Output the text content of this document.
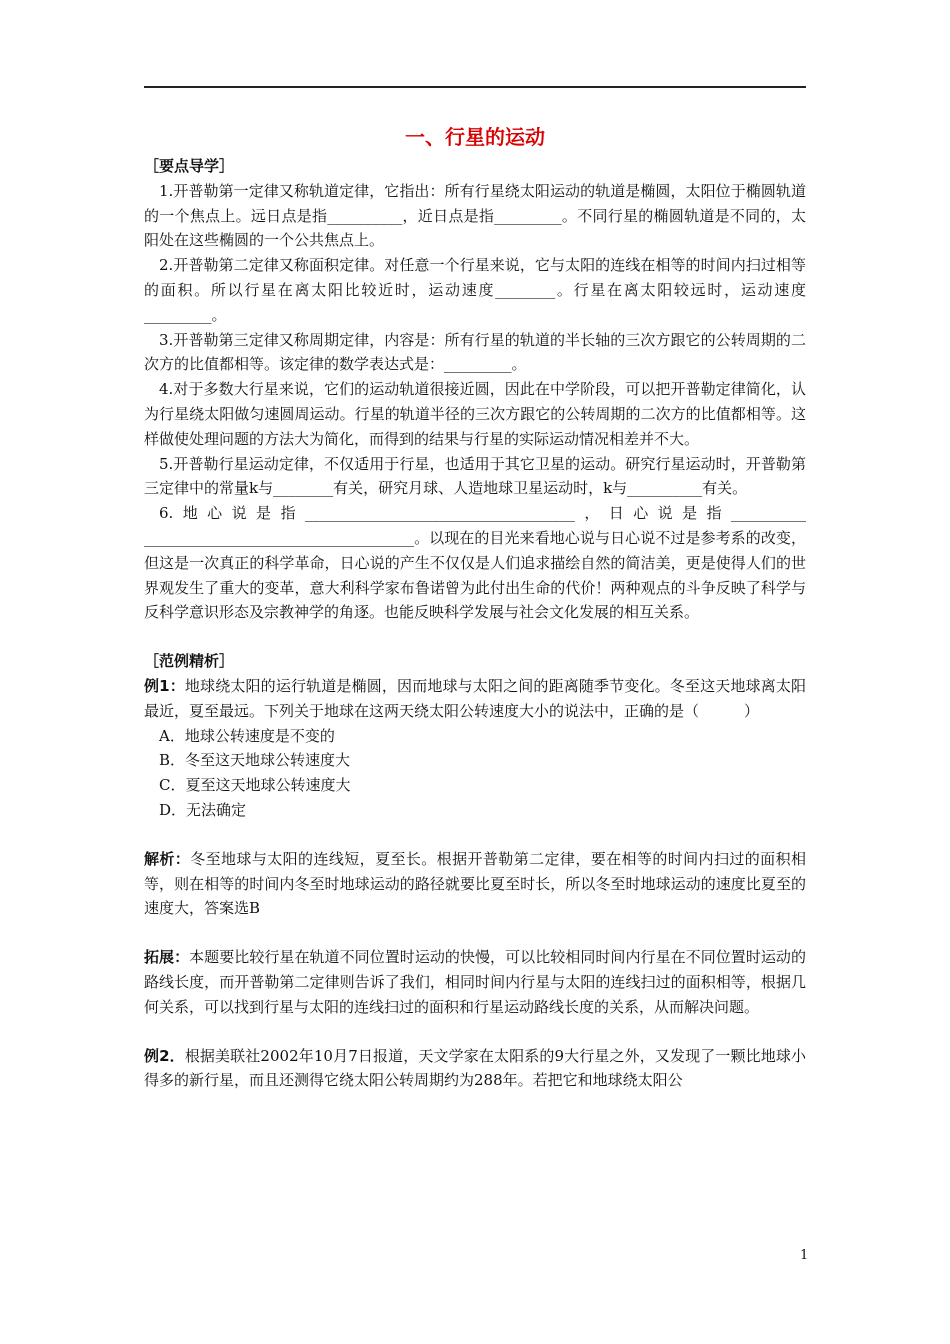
一、行星的运动
［要点导学］

1.开普勒第一定律又称轨道定律，它指出：所有行星绕太阳运动的轨道是椭圆，太阳位于椭圆轨道的一个焦点上。远日点是指__________，近日点是指_________。不同行星的椭圆轨道是不同的，太阳处在这些椭圆的一个公共焦点上。

2.开普勒第二定律又称面积定律。对任意一个行星来说，它与太阳的连线在相等的时间内扫过相等的面积。所以行星在离太阳比较近时，运动速度________。行星在离太阳较远时，运动速度_________。

3.开普勒第三定律又称周期定律，内容是：所有行星的轨道的半长轴的三次方跟它的公转周期的二次方的比值都相等。该定律的数学表达式是：_________。

4.对于多数大行星来说，它们的运动轨道很接近圆，因此在中学阶段，可以把开普勒定律简化，认为行星绕太阳做匀速圆周运动。行星的轨道半径的三次方跟它的公转周期的二次方的比值都相等。这样做使处理问题的方法大为简化，而得到的结果与行星的实际运动情况相差并不大。

5.开普勒行星运动定律，不仅适用于行星，也适用于其它卫星的运动。研究行星运动时，开普勒第三定律中的常量k与________有关，研究月球、人造地球卫星运动时，k与__________有关。

6.地心说是指____________________________________，日心说是指__________ ____________________________________。以现在的目光来看地心说与日心说不过是参考系的改变，但这是一次真正的科学革命，日心说的产生不仅仅是人们追求描绘自然的简洁美，更是使得人们的世界观发生了重大的变革，意大利科学家布鲁诺曾为此付出生命的代价！两种观点的斗争反映了科学与反科学意识形态及宗教神学的角逐。也能反映科学发展与社会文化发展的相互关系。

［范例精析］

例1：地球绕太阳的运行轨道是椭圆，因而地球与太阳之间的距离随季节变化。冬至这天地球离太阳最近，夏至最远。下列关于地球在这两天绕太阳公转速度大小的说法中，正确的是（　　　）

A．地球公转速度是不变的

B．冬至这天地球公转速度大

C．夏至这天地球公转速度大

D．无法确定

解析：冬至地球与太阳的连线短，夏至长。根据开普勒第二定律，要在相等的时间内扫过的面积相等，则在相等的时间内冬至时地球运动的路径就要比夏至时长，所以冬至时地球运动的速度比夏至的速度大，答案选B

拓展：本题要比较行星在轨道不同位置时运动的快慢，可以比较相同时间内行星在不同位置时运动的路线长度，而开普勒第二定律则告诉了我们，相同时间内行星与太阳的连线扫过的面积相等，根据几何关系，可以找到行星与太阳的连线扫过的面积和行星运动路线长度的关系，从而解决问题。

例2．根据美联社2002年10月7日报道，天文学家在太阳系的9大行星之外，又发现了一颗比地球小得多的新行星，而且还测得它绕太阳公转周期约为288年。若把它和地球绕太阳公

1
